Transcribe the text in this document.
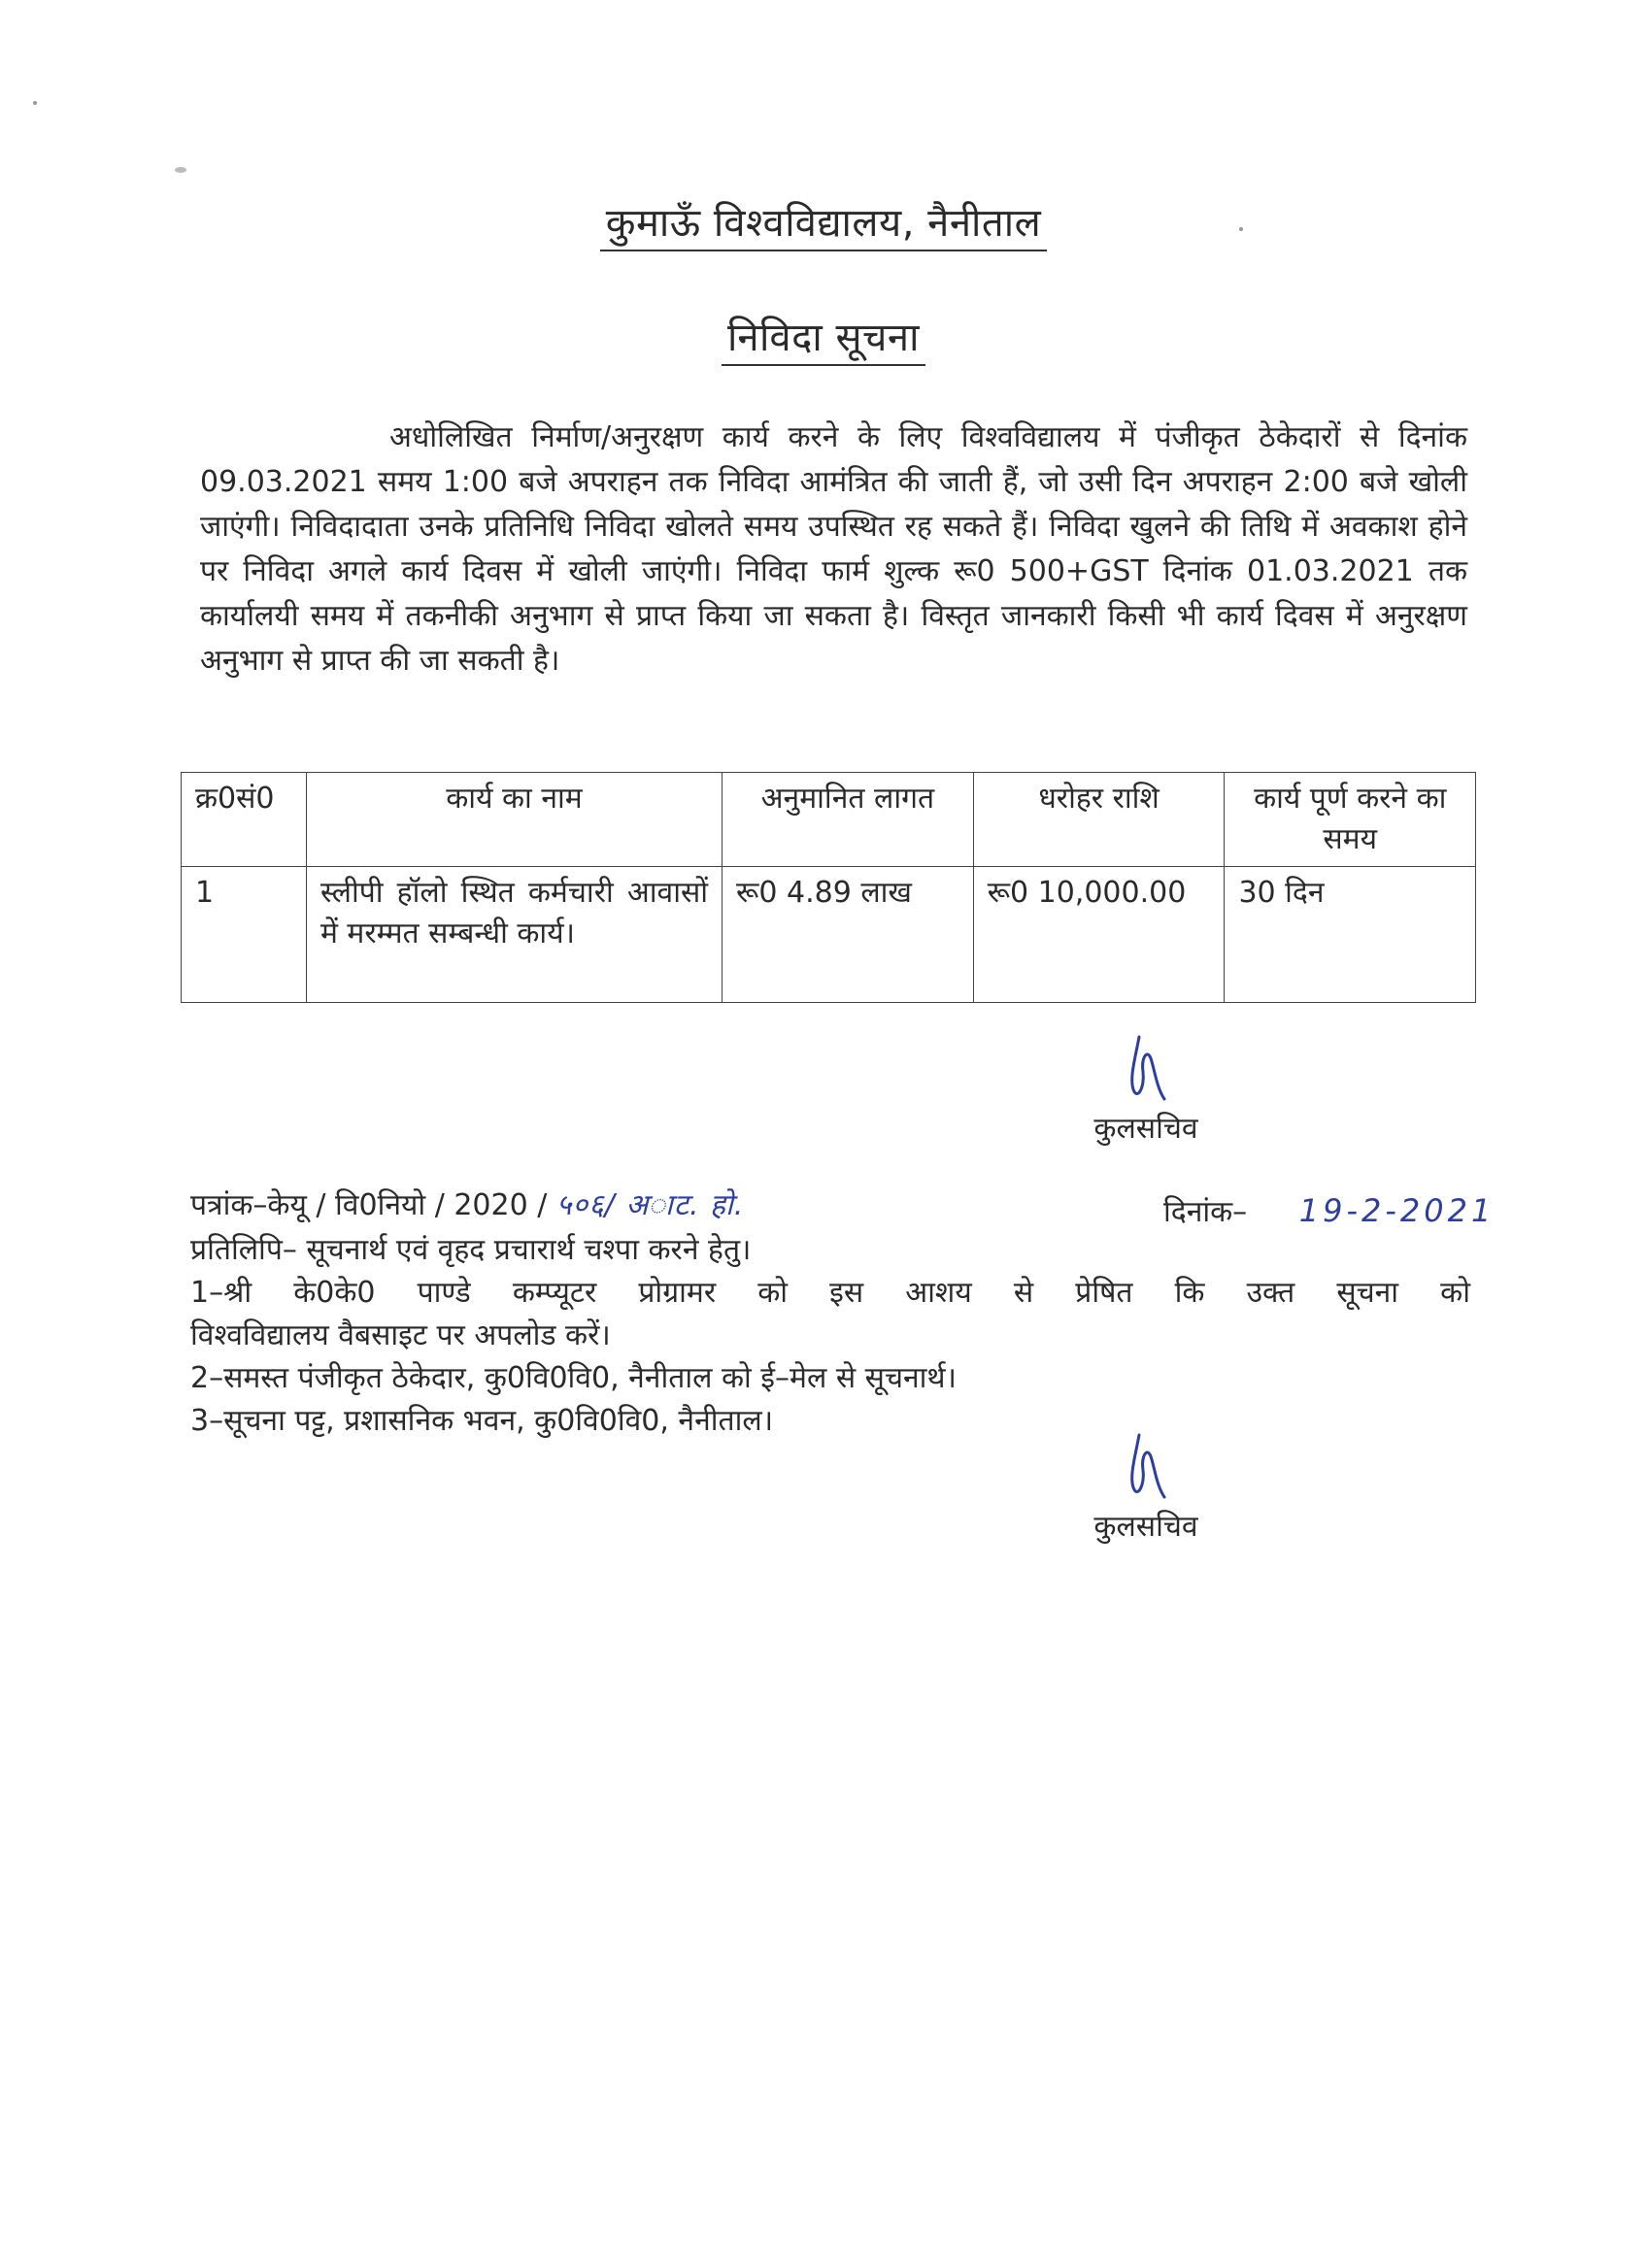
कुमाऊँ विश्वविद्यालय, नैनीताल
निविदा सूचना
अधोलिखित निर्माण/अनुरक्षण कार्य करने के लिए विश्वविद्यालय में पंजीकृत ठेकेदारों से दिनांक 09.03.2021 समय 1:00 बजे अपराहन तक निविदा आमंत्रित की जाती हैं, जो उसी दिन अपराहन 2:00 बजे खोली जाएंगी। निविदादाता उनके प्रतिनिधि निविदा खोलते समय उपस्थित रह सकते हैं। निविदा खुलने की तिथि में अवकाश होने पर निविदा अगले कार्य दिवस में खोली जाएंगी। निविदा फार्म शुल्क रू0 500+GST दिनांक 01.03.2021 तक कार्यालयी समय में तकनीकी अनुभाग से प्राप्त किया जा सकता है। विस्तृत जानकारी किसी भी कार्य दिवस में अनुरक्षण अनुभाग से प्राप्त की जा सकती है।
क्र0सं0	कार्य का नाम	अनुमानित लागत	धरोहर राशि	कार्य पूर्ण करने का समय
1	स्लीपी हॉलो स्थित कर्मचारी आवासों में मरम्मत सम्बन्धी कार्य।	रू0 4.89 लाख	रू0 10,000.00	30 दिन
कुलसचिव
पत्रांक–केयू / वि0नियो / 2020 / ५०६/ अाट. हो.	दिनांक– 19-2-2021
प्रतिलिपि– सूचनार्थ एवं वृहद प्रचारार्थ चश्पा करने हेतु।
1–श्री के0के0 पाण्डे कम्प्यूटर प्रोग्रामर को इस आशय से प्रेषित कि उक्त सूचना को
विश्वविद्यालय वैबसाइट पर अपलोड करें।
2–समस्त पंजीकृत ठेकेदार, कु0वि0वि0, नैनीताल को ई–मेल से सूचनार्थ।
3–सूचना पट्ट, प्रशासनिक भवन, कु0वि0वि0, नैनीताल।
कुलसचिव
